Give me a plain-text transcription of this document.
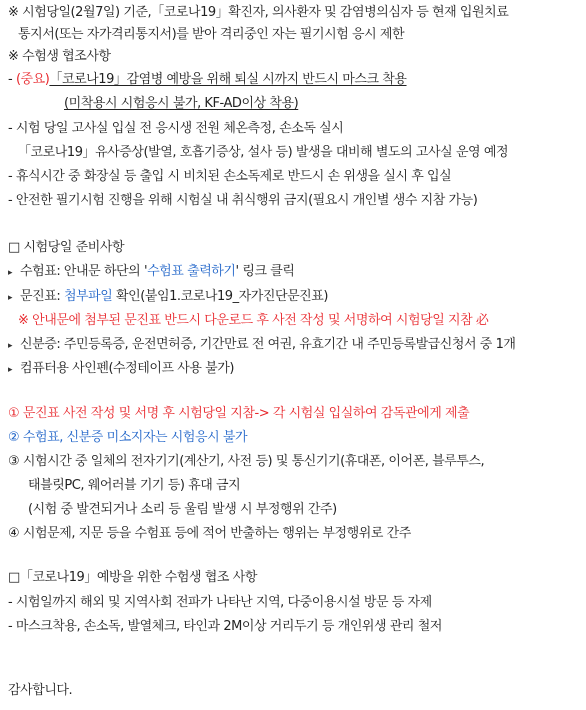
※ 시험당일(2월7일) 기준,「코로나19」확진자, 의사환자 및 감염병의심자 등 현재 입원치료
통지서(또는 자가격리통지서)를 받아 격리중인 자는 필기시험 응시 제한
※ 수험생 협조사항
- (중요)「코로나19」감염병 예방을 위해 퇴실 시까지 반드시 마스크 착용
(미착용시 시험응시 불가, KF-AD이상 착용)
- 시험 당일 고사실 입실 전 응시생 전원 체온측정, 손소독 실시
「코로나19」유사증상(발열, 호흡기증상, 설사 등) 발생을 대비해 별도의 고사실 운영 예정
- 휴식시간 중 화장실 등 출입 시 비치된 손소독제로 반드시 손 위생을 실시 후 입실
- 안전한 필기시험 진행을 위해 시험실 내 취식행위 금지(필요시 개인별 생수 지참 가능)
□ 시험당일 준비사항
▸ 수험표: 안내문 하단의 '수험표 출력하기' 링크 클릭
▸ 문진표: 첨부파일 확인(붙임1.코로나19_자가진단문진표)
※ 안내문에 첨부된 문진표 반드시 다운로드 후 사전 작성 및 서명하여 시험당일 지참 必
▸ 신분증: 주민등록증, 운전면허증, 기간만료 전 여권, 유효기간 내 주민등록발급신청서 중 1개
▸ 컴퓨터용 사인펜(수정테이프 사용 불가)
① 문진표 사전 작성 및 서명 후 시험당일 지참-> 각 시험실 입실하여 감독관에게 제출
② 수험표, 신분증 미소지자는 시험응시 불가
③ 시험시간 중 일체의 전자기기(계산기, 사전 등) 및 통신기기(휴대폰, 이어폰, 블루투스,
태블릿PC, 웨어러블 기기 등) 휴대 금지
(시험 중 발견되거나 소리 등 울림 발생 시 부정행위 간주)
④ 시험문제, 지문 등을 수험표 등에 적어 반출하는 행위는 부정행위로 간주
□「코로나19」예방을 위한 수험생 협조 사항
- 시험일까지 해외 및 지역사회 전파가 나타난 지역, 다중이용시설 방문 등 자제
- 마스크착용, 손소독, 발열체크, 타인과 2M이상 거리두기 등 개인위생 관리 철저
감사합니다.
